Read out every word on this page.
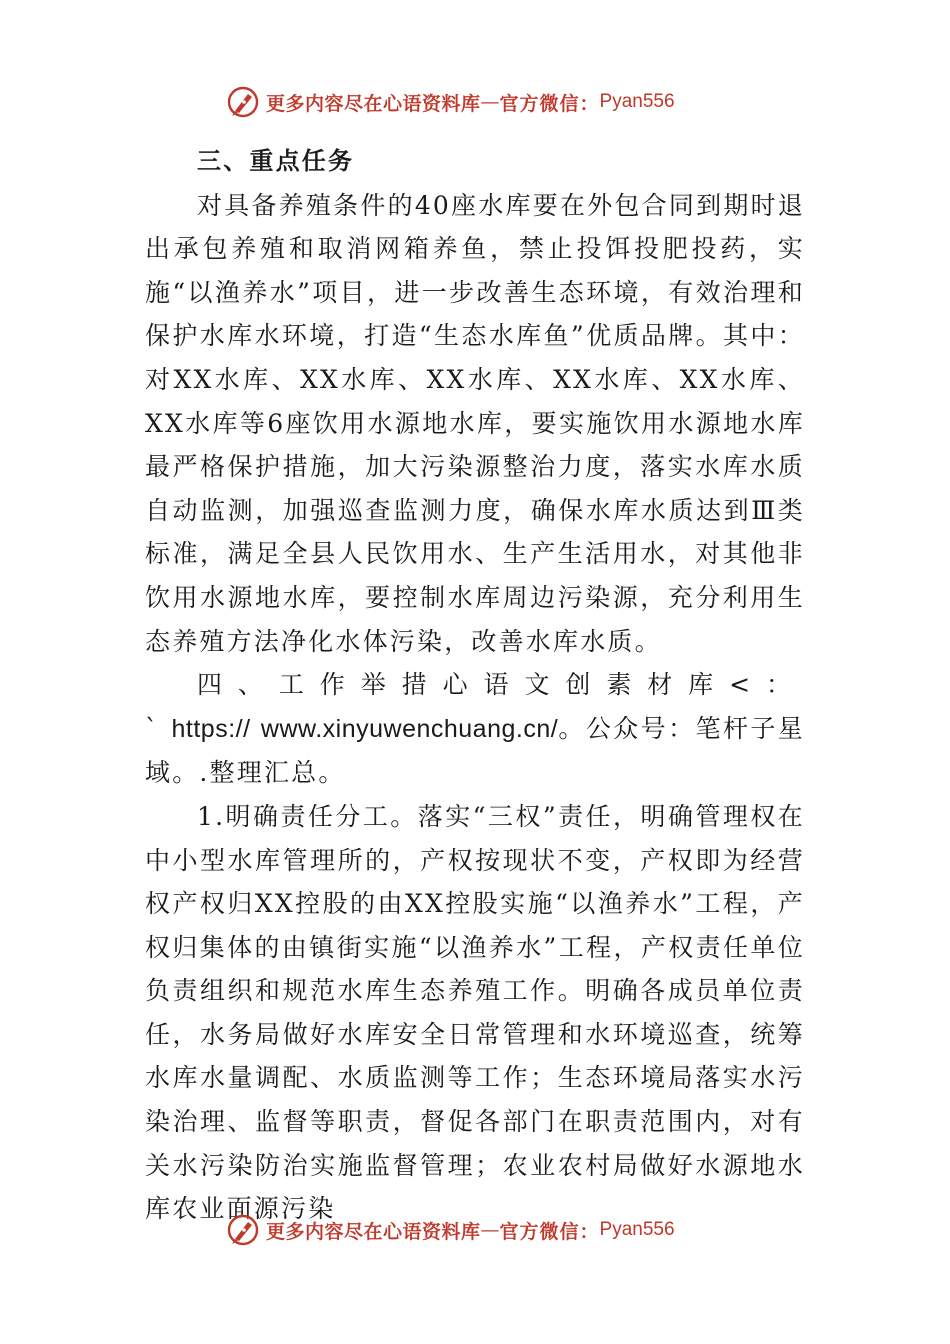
更多内容尽在心语资料库 — 官方微信： Pyan556

三、重点任务

对具备养殖条件的40座水库要在外包合同到期时退出承包养殖和取消网箱养鱼，禁止投饵投肥投药，实施“以渔养水”项目，进一步改善生态环境，有效治理和保护水库水环境，打造“生态水库鱼”优质品牌。其中：对XX水库、XX水库、XX水库、XX水库、XX水库、XX水库等6座饮用水源地水库，要实施饮用水源地水库最严格保护措施，加大污染源整治力度，落实水库水质自动监测，加强巡查监测力度，确保水库水质达到Ⅲ类标准，满足全县人民饮用水、生产生活用水，对其他非饮用水源地水库，要控制水库周边污染源，充分利用生态养殖方法净化水体污染，改善水库水质。

四、工作举措心语文创素材库<：`https:// www.xinyuwenchuang.cn/。公众号：笔杆子星域。.整理汇总。

1.明确责任分工。落实“三权”责任，明确管理权在中小型水库管理所的，产权按现状不变，产权即为经营权产权归XX控股的由XX控股实施“以渔养水”工程，产权归集体的由镇街实施“以渔养水”工程，产权责任单位负责组织和规范水库生态养殖工作。明确各成员单位责任，水务局做好水库安全日常管理和水环境巡查，统筹水库水量调配、水质监测等工作；生态环境局落实水污染治理、监督等职责，督促各部门在职责范围内，对有关水污染防治实施监督管理；农业农村局做好水源地水库农业面源污染

更多内容尽在心语资料库 — 官方微信： Pyan556
